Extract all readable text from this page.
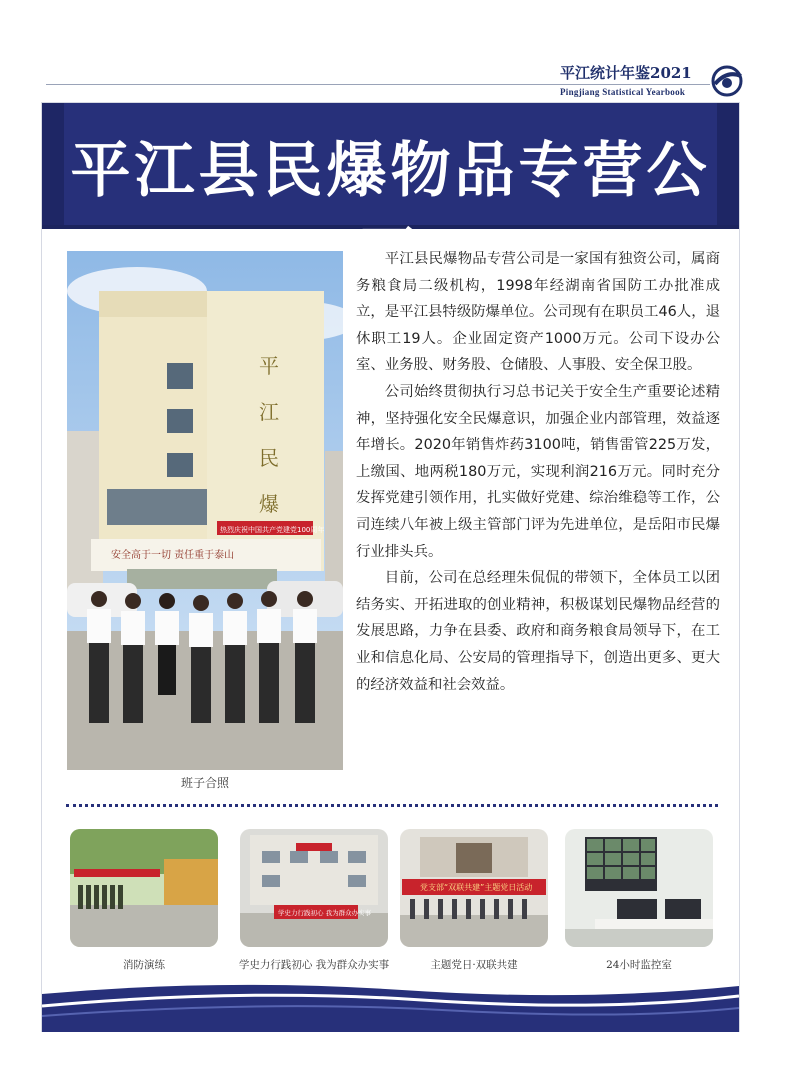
平江统计年鉴2021
Pingjiang Statistical Yearbook
平江县民爆物品专营公司
平
江
民
爆
热烈庆祝中国共产党建党100周年
安全高于一切 责任重于泰山
班子合照

平江县民爆物品专营公司是一家国有独资公司，属商务粮食局二级机构，1998年经湖南省国防工办批准成立，是平江县特级防爆单位。公司现有在职员工46人，退休职工19人。企业固定资产1000万元。公司下设办公室、业务股、财务股、仓储股、人事股、安全保卫股。

公司始终贯彻执行习总书记关于安全生产重要论述精神，坚持强化安全民爆意识，加强企业内部管理，效益逐年增长。2020年销售炸药3100吨，销售雷管225万发，上缴国、地两税180万元，实现利润216万元。同时充分发挥党建引领作用，扎实做好党建、综治维稳等工作，公司连续八年被上级主管部门评为先进单位，是岳阳市民爆行业排头兵。

目前，公司在总经理朱侃侃的带领下，全体员工以团结务实、开拓进取的创业精神，积极谋划民爆物品经营的发展思路，力争在县委、政府和商务粮食局领导下，在工业和信息化局、公安局的管理指导下，创造出更多、更大的经济效益和社会效益。

学史力行践初心 我为群众办实事
党支部“双联共建”主题党日活动
消防演练	学史力行践初心 我为群众办实事	主题党日·双联共建	24小时监控室
